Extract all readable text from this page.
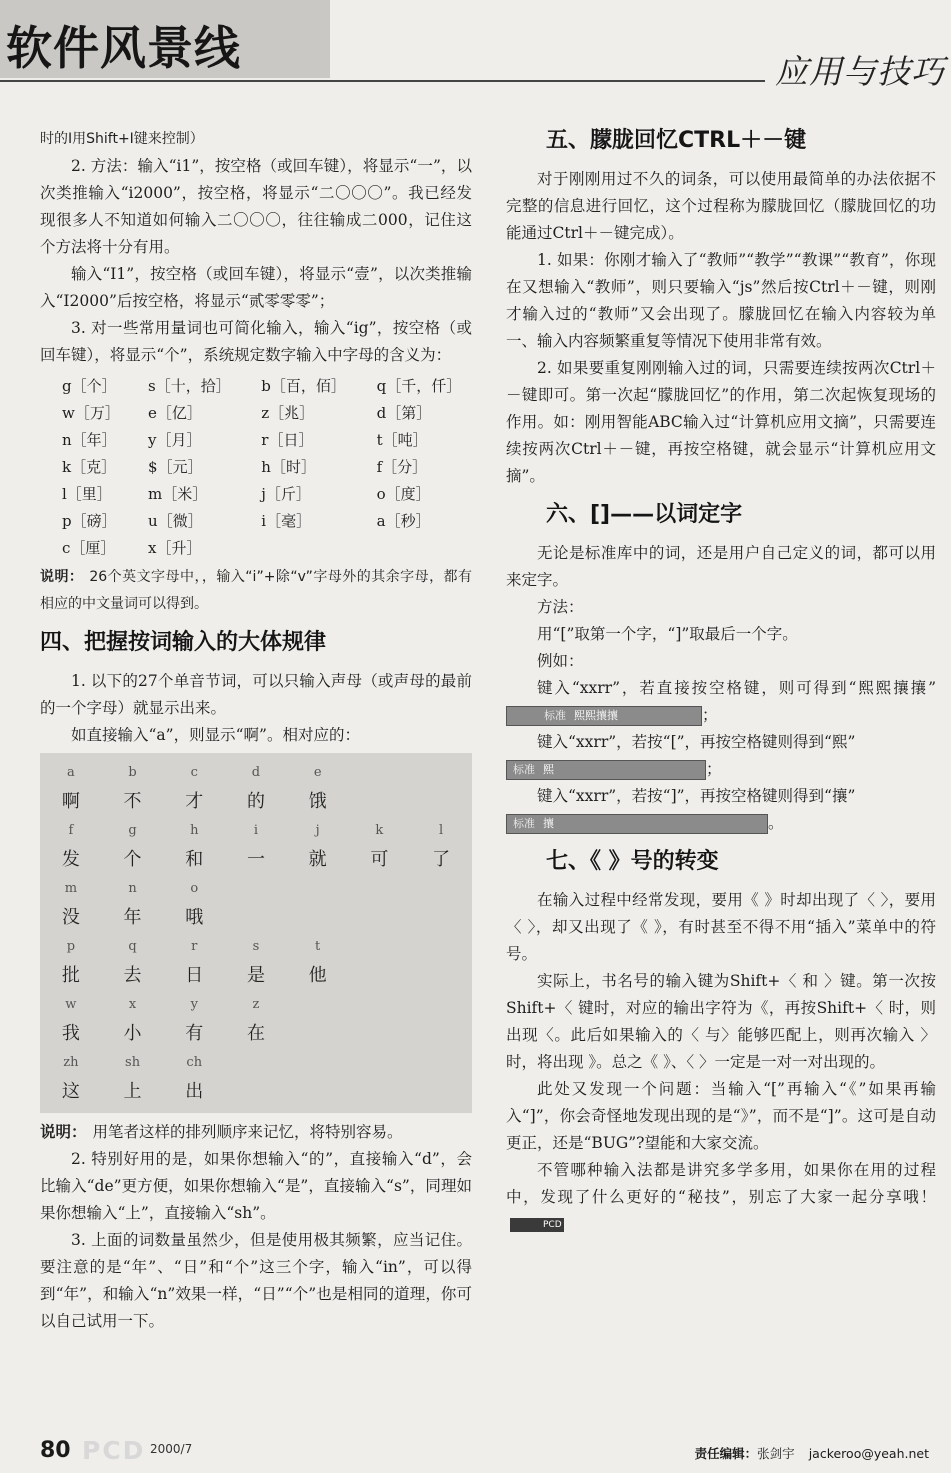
软件风景线	应用与技巧

时的Ⅰ用Shift+I键来控制）

2. 方法：输入“i1”，按空格（或回车键），将显示“一”，以次类推输入“i2000”，按空格，将显示“二〇〇〇”。我已经发现很多人不知道如何输入二〇〇〇，往往输成二000，记住这个方法将十分有用。

输入“I1”，按空格（或回车键），将显示“壹”，以次类推输入“I2000”后按空格，将显示“贰零零零”；

3. 对一些常用量词也可简化输入，输入“ig”，按空格（或回车键），将显示“个”，系统规定数字输入中字母的含义为：

g［个］	s［十，拾］	b［百，佰］	q［千，仟］
w［万］	e［亿］	z［兆］	d［第］
n［年］	y［月］	r［日］	t［吨］
k［克］	$［元］	h［时］	f［分］
l［里］	m［米］	j［斤］	o［度］
p［磅］	u［微］	i［毫］	a［秒］
c［厘］	x［升］		

说明： 26个英文字母中，，输入“i”+除“v”字母外的其余字母，都有相应的中文量词可以得到。

四、把握按词输入的大体规律

1. 以下的27个单音节词，可以只输入声母（或声母的最前的一个字母）就显示出来。

如直接输入“a”，则显示“啊”。相对应的：

a	b	c	d	e		
啊	不	才	的	饿		
f	g	h	i	j	k	l
发	个	和	一	就	可	了
m	n	o				
没	年	哦				
p	q	r	s	t		
批	去	日	是	他		
w	x	y	z			
我	小	有	在			
zh	sh	ch				
这	上	出				

说明： 用笔者这样的排列顺序来记忆，将特别容易。

2. 特别好用的是，如果你想输入“的”，直接输入“d”，会比输入“de”更方便，如果你想输入“是”，直接输入“s”，同理如果你想输入“上”，直接输入“sh”。

3. 上面的词数量虽然少，但是使用极其频繁，应当记住。要注意的是“年”、“日”和“个”这三个字，输入“in”，可以得到“年”，和输入“n”效果一样，“日”“个”也是相同的道理，你可以自己试用一下。

五、朦胧回忆CTRL＋－键

对于刚刚用过不久的词条，可以使用最简单的办法依据不完整的信息进行回忆，这个过程称为朦胧回忆（朦胧回忆的功能通过Ctrl＋－键完成）。

1. 如果：你刚才输入了“教师”“教学”“教课”“教育”，你现在又想输入“教师”，则只要输入“js”然后按Ctrl＋－键，则刚才输入过的“教师”又会出现了。朦胧回忆在输入内容较为单一、输入内容频繁重复等情况下使用非常有效。

2. 如果要重复刚刚输入过的词，只需要连续按两次Ctrl＋－键即可。第一次起“朦胧回忆”的作用，第二次起恢复现场的作用。如：刚用智能ABC输入过“计算机应用文摘”，只需要连续按两次Ctrl＋－键，再按空格键，就会显示“计算机应用文摘”。

六、[]——以词定字

无论是标准库中的词，还是用户自己定义的词，都可以用来定字。

方法：

用“[”取第一个字，“]”取最后一个字。

例如：

键入“xxrr”，若直接按空格键，则可得到“熙熙攘攘” 标准 熙熙攘攘	；

键入“xxrr”，若按“[”，再按空格键则得到“熙”

标准 熙	；

键入“xxrr”，若按“]”，再按空格键则得到“攘”

标准 攘	。

七、《 》号的转变

在输入过程中经常发现，要用《 》时却出现了〈 〉，要用〈 〉，却又出现了《 》，有时甚至不得不用“插入”菜单中的符号。

实际上，书名号的输入键为Shift+〈 和 〉键。第一次按Shift+〈 键时，对应的输出字符为《，再按Shift+〈 时，则出现〈。此后如果输入的〈 与〉能够匹配上，则再次输入 〉时，将出现 》。总之《 》、〈 〉一定是一对一对出现的。

此处又发现一个问题：当输入“[”再输入“《”如果再输入“]”，你会奇怪地发现出现的是“》”，而不是“]”。这可是自动更正，还是“BUG”?望能和大家交流。

不管哪种输入法都是讲究多学多用，如果你在用的过程中，发现了什么更好的“秘技”，别忘了大家一起分享哦！PCD

80 PCD 2000/7	责任编辑：张剑宇 jackeroo@yeah.net
